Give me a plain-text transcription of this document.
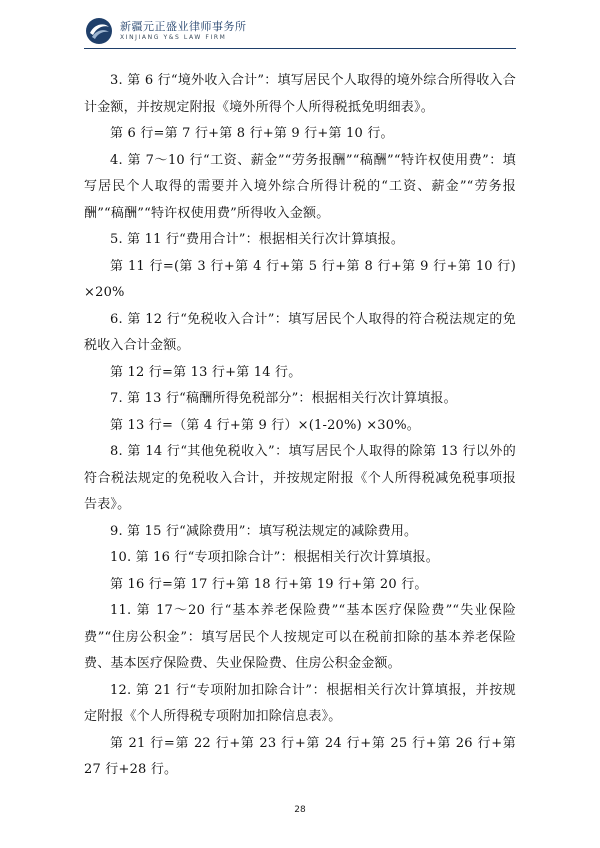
新疆元正盛业律师事务所
XINJIANG Y&S LAW FIRM

3. 第 6 行“境外收入合计”：填写居民个人取得的境外综合所得收入合计金额，并按规定附报《境外所得个人所得税抵免明细表》。

第 6 行=第 7 行+第 8 行+第 9 行+第 10 行。

4. 第 7～10 行“工资、薪金”“劳务报酬”“稿酬”“特许权使用费”：填写居民个人取得的需要并入境外综合所得计税的“工资、薪金”“劳务报酬”“稿酬”“特许权使用费”所得收入金额。

5. 第 11 行“费用合计”：根据相关行次计算填报。

第 11 行=(第 3 行+第 4 行+第 5 行+第 8 行+第 9 行+第 10 行) ×20%

6. 第 12 行“免税收入合计”：填写居民个人取得的符合税法规定的免税收入合计金额。

第 12 行=第 13 行+第 14 行。

7. 第 13 行“稿酬所得免税部分”：根据相关行次计算填报。

第 13 行=（第 4 行+第 9 行）×(1-20%) ×30%。

8. 第 14 行“其他免税收入”：填写居民个人取得的除第 13 行以外的符合税法规定的免税收入合计，并按规定附报《个人所得税减免税事项报告表》。

9. 第 15 行“减除费用”：填写税法规定的减除费用。

10. 第 16 行“专项扣除合计”：根据相关行次计算填报。

第 16 行=第 17 行+第 18 行+第 19 行+第 20 行。

11. 第 17～20 行“基本养老保险费”“基本医疗保险费”“失业保险费”“住房公积金”：填写居民个人按规定可以在税前扣除的基本养老保险费、基本医疗保险费、失业保险费、住房公积金金额。

12. 第 21 行“专项附加扣除合计”：根据相关行次计算填报，并按规定附报《个人所得税专项附加扣除信息表》。

第 21 行=第 22 行+第 23 行+第 24 行+第 25 行+第 26 行+第 27 行+28 行。

28
